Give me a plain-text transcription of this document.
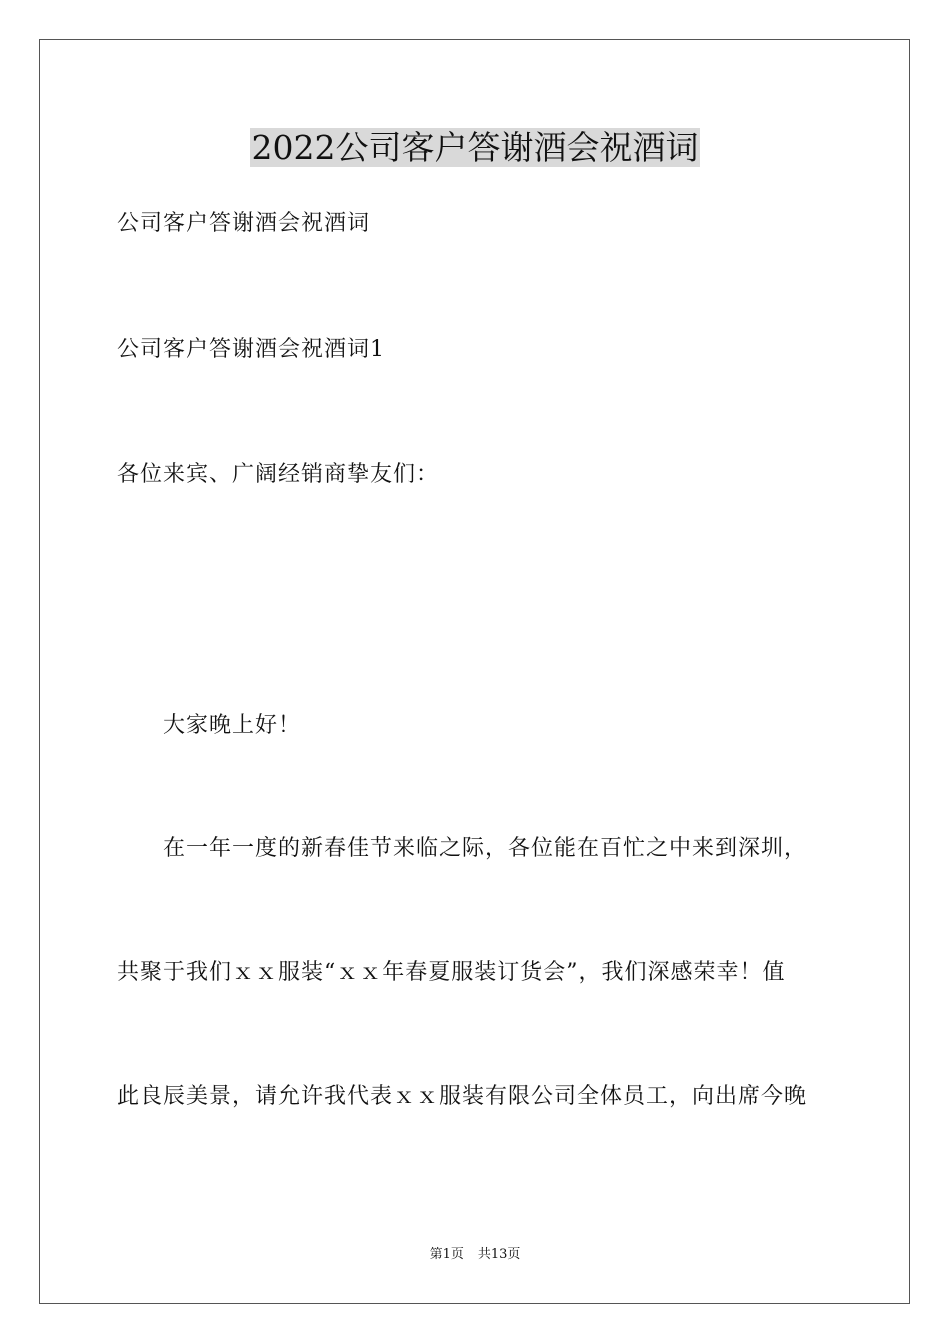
2022公司客户答谢酒会祝酒词
公司客户答谢酒会祝酒词
公司客户答谢酒会祝酒词1
各位来宾、广阔经销商挚友们：
大家晚上好！
在一年一度的新春佳节来临之际，各位能在百忙之中来到深圳，
共聚于我们ｘｘ服装“ｘｘ年春夏服装订货会”，我们深感荣幸！值
此良辰美景，请允许我代表ｘｘ服装有限公司全体员工，向出席今晚
第1页 共13页
